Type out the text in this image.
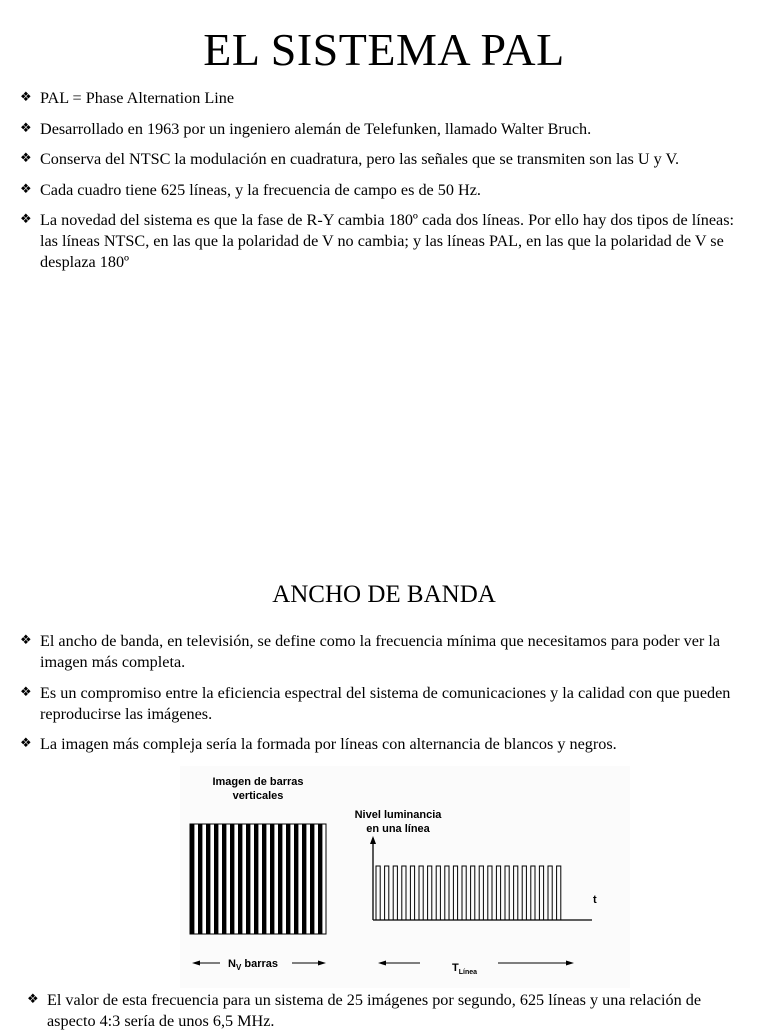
EL SISTEMA PAL
❖ PAL = Phase Alternation Line
❖ Desarrollado en 1963 por un ingeniero alemán de Telefunken, llamado Walter Bruch.
❖ Conserva del NTSC la modulación en cuadratura, pero las señales que se transmiten son las U y V.
❖ Cada cuadro tiene 625 líneas, y la frecuencia de campo es de 50 Hz.
❖ La novedad del sistema es que la fase de R-Y cambia 180º cada dos líneas. Por ello hay dos tipos de líneas: las líneas NTSC, en las que la polaridad de V no cambia; y las líneas PAL, en las que la polaridad de V se desplaza 180º
ANCHO DE BANDA
❖ El ancho de banda, en televisión, se define como la frecuencia mínima que necesitamos para poder ver la imagen más completa.
❖ Es un compromiso entre la eficiencia espectral del sistema de comunicaciones y la calidad con que pueden reproducirse las imágenes.
❖ La imagen más compleja sería la formada por líneas con alternancia de blancos y negros.
Imagen de barras
verticales
Nivel luminancia
en una línea
t
$N_V$ barras	$T_{Línea}$
❖ El valor de esta frecuencia para un sistema de 25 imágenes por segundo, 625 líneas y una relación de aspecto 4:3 sería de unos 6,5 MHz.
